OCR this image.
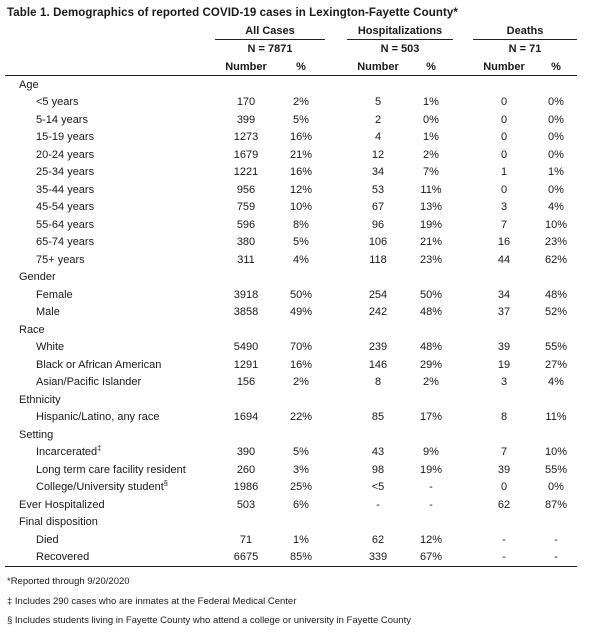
Table 1. Demographics of reported COVID-19 cases in Lexington-Fayette County*
	All Cases			Hospitalizations			Deaths	
	N = 7871			N = 503			N = 71	
	Number	%		Number	%		Number	%
Age								
<5 years	170	2%		5	1%		0	0%
5-14 years	399	5%		2	0%		0	0%
15-19 years	1273	16%		4	1%		0	0%
20-24 years	1679	21%		12	2%		0	0%
25-34 years	1221	16%		34	7%		1	1%
35-44 years	956	12%		53	11%		0	0%
45-54 years	759	10%		67	13%		3	4%
55-64 years	596	8%		96	19%		7	10%
65-74 years	380	5%		106	21%		16	23%
75+ years	311	4%		118	23%		44	62%
Gender								
Female	3918	50%		254	50%		34	48%
Male	3858	49%		242	48%		37	52%
Race								
White	5490	70%		239	48%		39	55%
Black or African American	1291	16%		146	29%		19	27%
Asian/Pacific Islander	156	2%		8	2%		3	4%
Ethnicity								
Hispanic/Latino, any race	1694	22%		85	17%		8	11%
Setting								
Incarcerated‡	390	5%		43	9%		7	10%
Long term care facility resident	260	3%		98	19%		39	55%
College/University student§	1986	25%		<5	-		0	0%
Ever Hospitalized	503	6%		-	-		62	87%
Final disposition								
Died	71	1%		62	12%		-	-
Recovered	6675	85%		339	67%		-	-
*Reported through 9/20/2020
‡ Includes 290 cases who are inmates at the Federal Medical Center
§ Includes students living in Fayette County who attend a college or university in Fayette County
